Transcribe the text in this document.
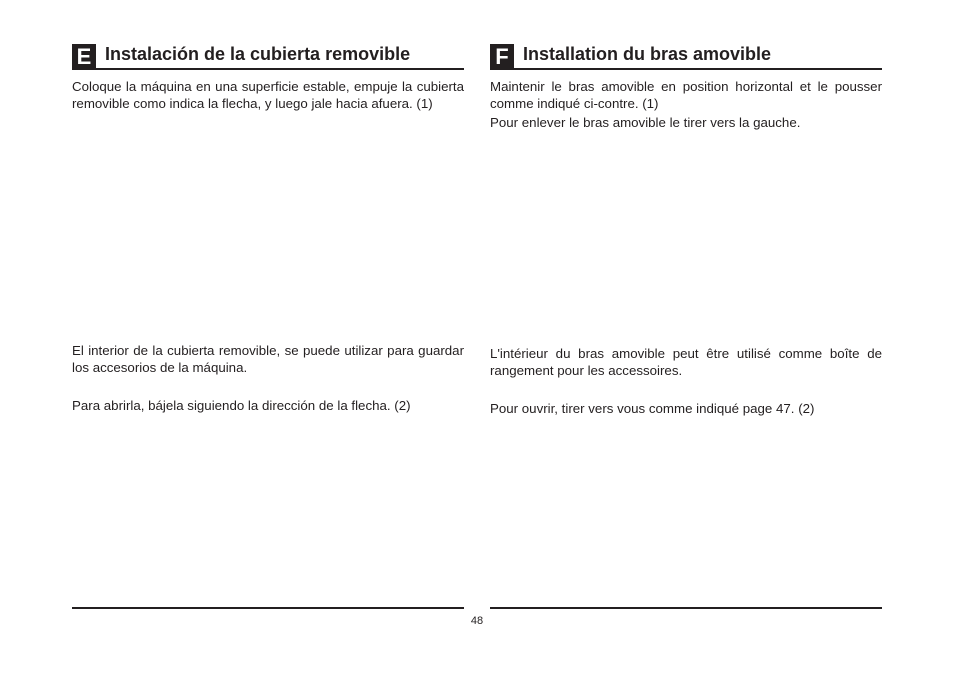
E Instalación de la cubierta removible

Coloque la máquina en una superficie estable, empuje la cubierta removible como indica la flecha, y luego jale hacia afuera. (1)

El interior de la cubierta removible, se puede utilizar para guardar los accesorios de la máquina.

Para abrirla, bájela siguiendo la dirección de la flecha. (2)

F Installation du bras amovible

Maintenir le bras amovible en position horizontal et le pousser comme indiqué ci-contre. (1)

Pour enlever le bras amovible le tirer vers la gauche.

L'intérieur du bras amovible peut être utilisé comme boîte de rangement pour les accessoires.

Pour ouvrir, tirer vers vous comme indiqué page 47. (2)

48
